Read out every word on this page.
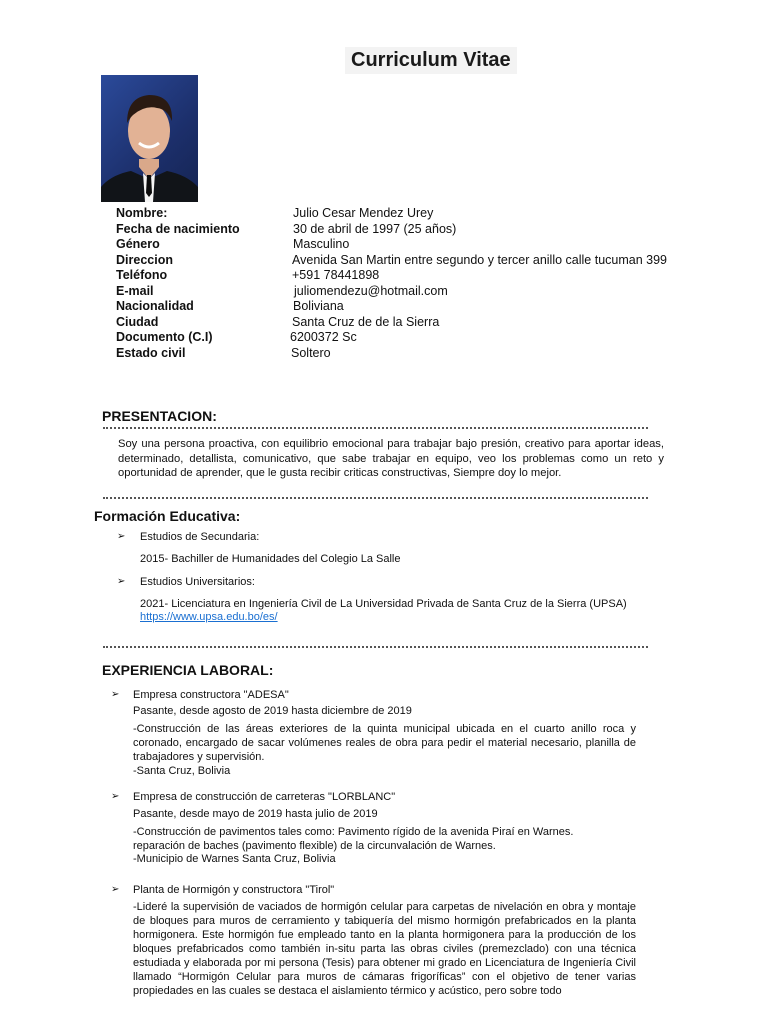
Curriculum Vitae
Nombre:	Julio Cesar Mendez Urey
Fecha de nacimiento	30 de abril de 1997 (25 años)
Género	Masculino
Direccion	Avenida San Martin entre segundo y tercer anillo calle tucuman 399
Teléfono	+591 78441898
E-mail	juliomendezu@hotmail.com
Nacionalidad	Boliviana
Ciudad	Santa Cruz de de la Sierra
Documento (C.I)	6200372 Sc
Estado civil	Soltero
PRESENTACION:
Soy una persona proactiva, con equilibrio emocional para trabajar bajo presión, creativo para aportar ideas, determinado, detallista, comunicativo, que sabe trabajar en equipo, veo los problemas como un reto y oportunidad de aprender, que le gusta recibir criticas constructivas, Siempre doy lo mejor.
Formación Educativa:
➢ Estudios de Secundaria:
2015- Bachiller de Humanidades del Colegio La Salle
➢ Estudios Universitarios:
2021- Licenciatura en Ingeniería Civil de La Universidad Privada de Santa Cruz de la Sierra (UPSA)
https://www.upsa.edu.bo/es/
EXPERIENCIA LABORAL:
➢ Empresa constructora "ADESA"
Pasante, desde agosto de 2019 hasta diciembre de 2019
-Construcción de las áreas exteriores de la quinta municipal ubicada en el cuarto anillo roca y coronado, encargado de sacar volúmenes reales de obra para pedir el material necesario, planilla de trabajadores y supervisión.
-Santa Cruz, Bolivia
➢ Empresa de construcción de carreteras "LORBLANC"
Pasante, desde mayo de 2019 hasta julio de 2019
-Construcción de pavimentos tales como: Pavimento rígido de la avenida Piraí en Warnes. reparación de baches (pavimento flexible) de la circunvalación de Warnes.
-Municipio de Warnes Santa Cruz, Bolivia
➢ Planta de Hormigón y constructora "Tirol"
-Lideré la supervisión de vaciados de hormigón celular para carpetas de nivelación en obra y montaje de bloques para muros de cerramiento y tabiquería del mismo hormigón prefabricados en la planta hormigonera. Este hormigón fue empleado tanto en la planta hormigonera para la producción de los bloques prefabricados como también in-situ parta las obras civiles (premezclado) con una técnica estudiada y elaborada por mi persona (Tesis) para obtener mi grado en Licenciatura de Ingeniería Civil llamado “Hormigón Celular para muros de cámaras frigoríficas” con el objetivo de tener varias propiedades en las cuales se destaca el aislamiento térmico y acústico, pero sobre todo
